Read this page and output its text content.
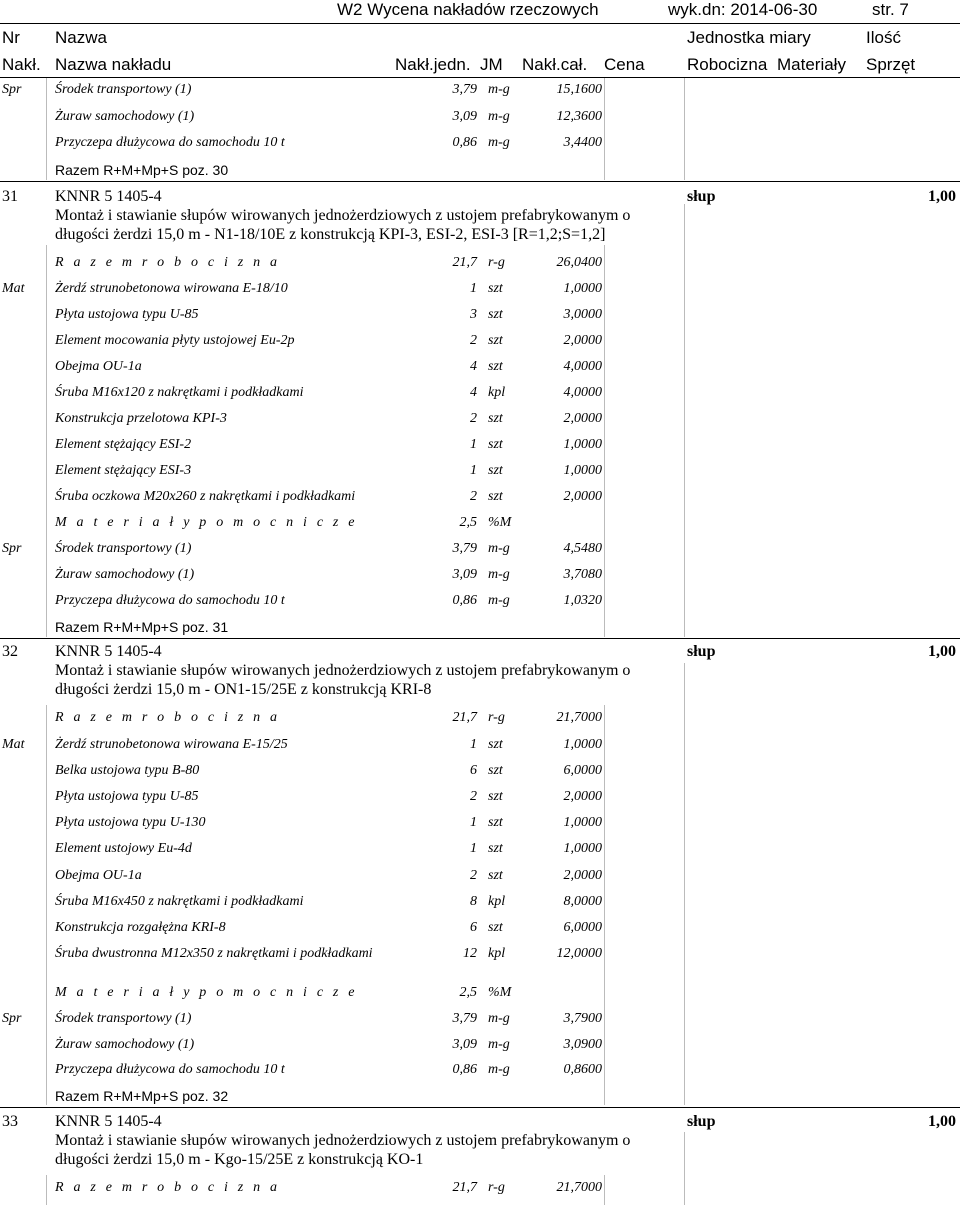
W2 Wycena nakładów rzeczowych	wyk.dn: 2014-06-30	str. 7
Nr Nazwa	Jednostka miary	Ilość
Nakł. Nazwa nakładu	Nakł.jedn. JM Nakł.cał. Cena Robocizna Materiały Sprzęt
Spr Środek transportowy (1)	3,79 m-g	15,1600
Żuraw samochodowy (1)	3,09 m-g	12,3600
Przyczepa dłużycowa do samochodu 10 t	0,86 m-g	3,4400
Razem R+M+Mp+S poz. 30
31 KNNR 5 1405-4
Montaż i stawianie słupów wirowanych jednożerdziowych z ustojem prefabrykowanym o
długości żerdzi 15,0 m - N1-18/10E z konstrukcją KPI-3, ESI-2, ESI-3 [R=1,2;S=1,2]
słup	1,00
R a z e m r o b o c i z n a	21,7 r-g	26,0400
Mat Żerdź strunobetonowa wirowana E-18/10	1 szt	1,0000
Płyta ustojowa typu U-85	3 szt	3,0000
Element mocowania płyty ustojowej Eu-2p	2 szt	2,0000
Obejma OU-1a	4 szt	4,0000
Śruba M16x120 z nakrętkami i podkładkami	4 kpl	4,0000
Konstrukcja przelotowa KPI-3	2 szt	2,0000
Element stężający ESI-2	1 szt	1,0000
Element stężający ESI-3	1 szt	1,0000
Śruba oczkowa M20x260 z nakrętkami i podkładkami	2 szt	2,0000
M a t e r i a ł y p o m o c n i c z e	2,5 %M
Spr Środek transportowy (1)	3,79 m-g	4,5480
Żuraw samochodowy (1)	3,09 m-g	3,7080
Przyczepa dłużycowa do samochodu 10 t	0,86 m-g	1,0320
Razem R+M+Mp+S poz. 31
32 KNNR 5 1405-4
Montaż i stawianie słupów wirowanych jednożerdziowych z ustojem prefabrykowanym o
długości żerdzi 15,0 m - ON1-15/25E z konstrukcją KRI-8
słup	1,00
R a z e m r o b o c i z n a	21,7 r-g	21,7000
Mat Żerdź strunobetonowa wirowana E-15/25	1 szt	1,0000
Belka ustojowa typu B-80	6 szt	6,0000
Płyta ustojowa typu U-85	2 szt	2,0000
Płyta ustojowa typu U-130	1 szt	1,0000
Element ustojowy Eu-4d	1 szt	1,0000
Obejma OU-1a	2 szt	2,0000
Śruba M16x450 z nakrętkami i podkładkami	8 kpl	8,0000
Konstrukcja rozgałężna KRI-8	6 szt	6,0000
Śruba dwustronna M12x350 z nakrętkami i podkładkami	12 kpl	12,0000
M a t e r i a ł y p o m o c n i c z e	2,5 %M
Spr Środek transportowy (1)	3,79 m-g	3,7900
Żuraw samochodowy (1)	3,09 m-g	3,0900
Przyczepa dłużycowa do samochodu 10 t	0,86 m-g	0,8600
Razem R+M+Mp+S poz. 32
33 KNNR 5 1405-4
Montaż i stawianie słupów wirowanych jednożerdziowych z ustojem prefabrykowanym o
długości żerdzi 15,0 m - Kgo-15/25E z konstrukcją KO-1
słup	1,00
R a z e m r o b o c i z n a	21,7 r-g	21,7000
